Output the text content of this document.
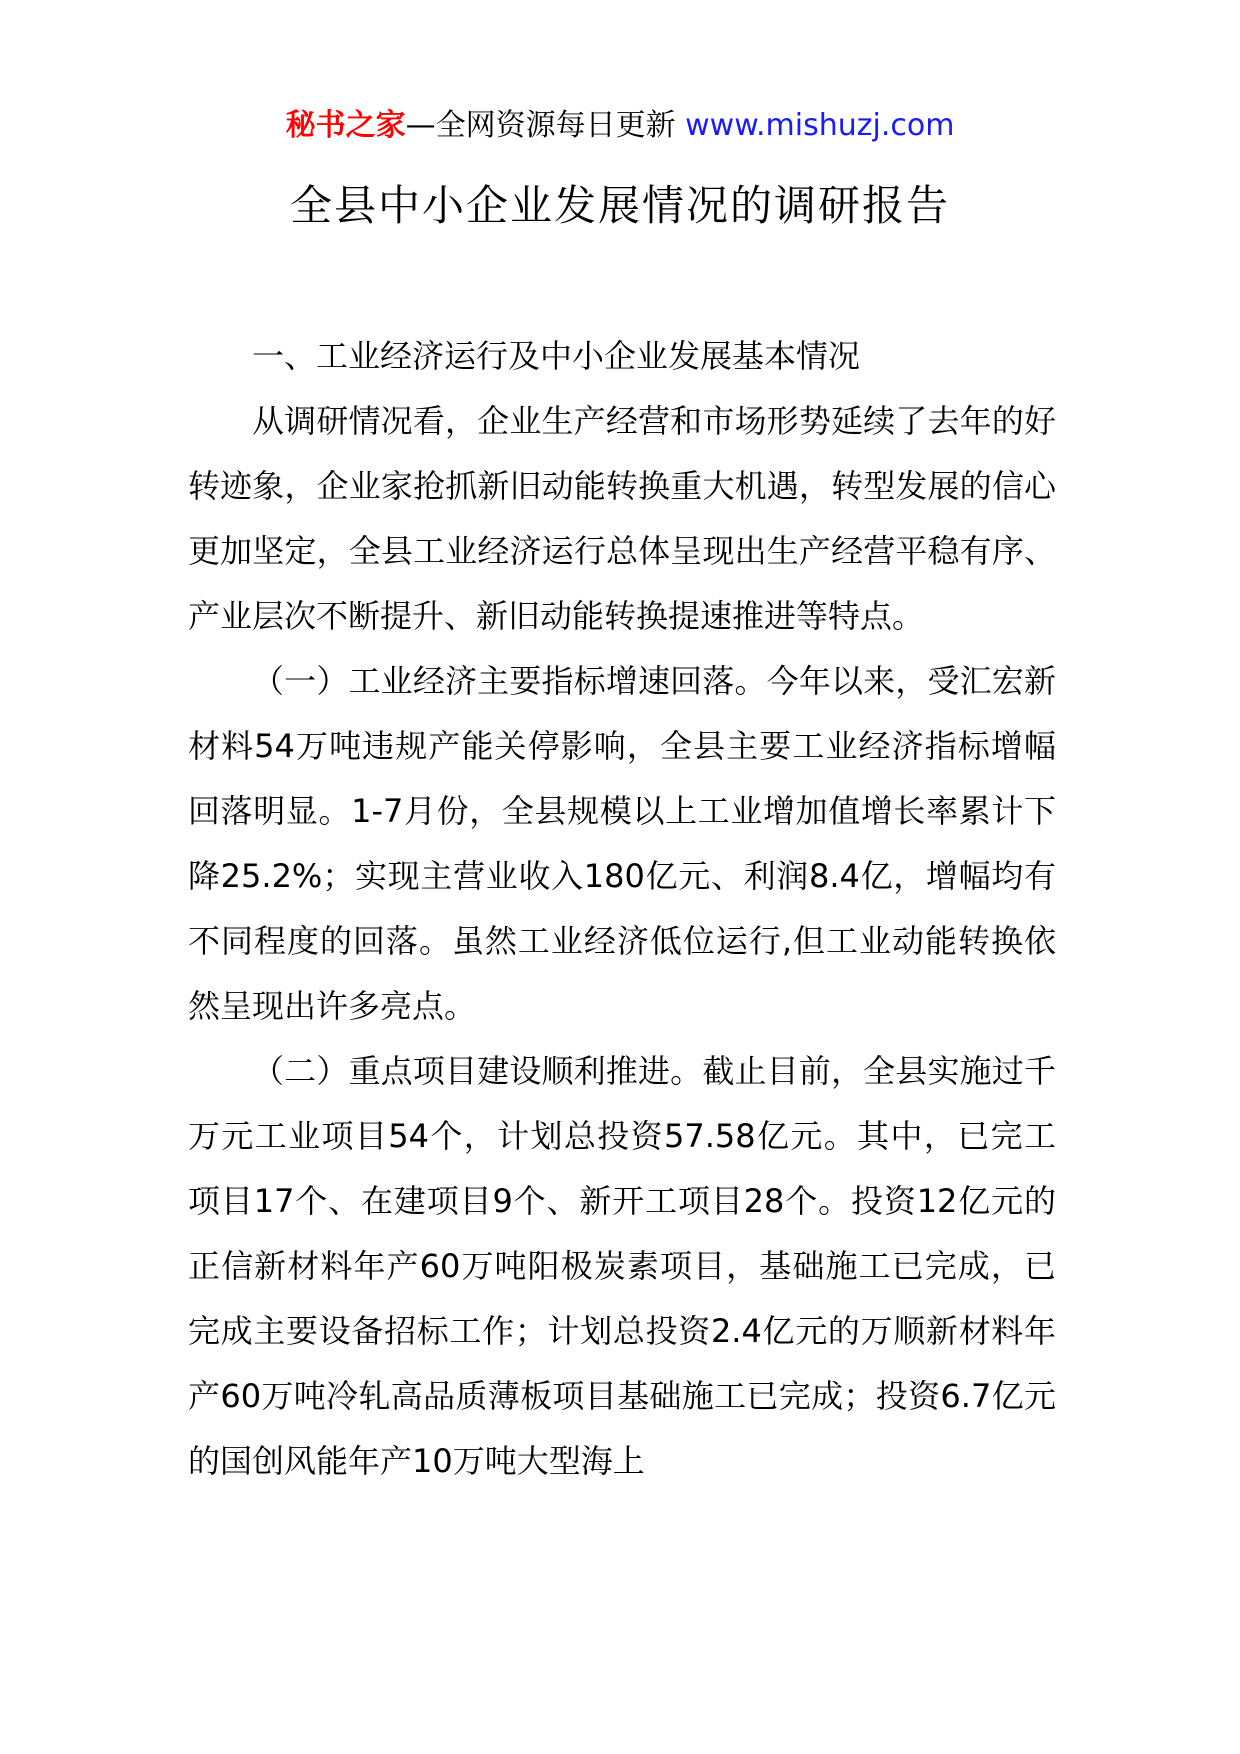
秘书之家—全网资源每日更新 www.mishuzj.com
全县中小企业发展情况的调研报告

一、工业经济运行及中小企业发展基本情况

从调研情况看，企业生产经营和市场形势延续了去年的好转迹象，企业家抢抓新旧动能转换重大机遇，转型发展的信心更加坚定，全县工业经济运行总体呈现出生产经营平稳有序、产业层次不断提升、新旧动能转换提速推进等特点。

（一）工业经济主要指标增速回落。今年以来，受汇宏新材料54万吨违规产能关停影响，全县主要工业经济指标增幅回落明显。1-7月份，全县规模以上工业增加值增长率累计下降25.2%；实现主营业收入180亿元、利润8.4亿，增幅均有不同程度的回落。虽然工业经济低位运行,但工业动能转换依然呈现出许多亮点。

（二）重点项目建设顺利推进。截止目前，全县实施过千万元工业项目54个，计划总投资57.58亿元。其中，已完工项目17个、在建项目9个、新开工项目28个。投资12亿元的正信新材料年产60万吨阳极炭素项目，基础施工已完成，已完成主要设备招标工作；计划总投资2.4亿元的万顺新材料年产60万吨冷轧高品质薄板项目基础施工已完成；投资6.7亿元的国创风能年产10万吨大型海上
